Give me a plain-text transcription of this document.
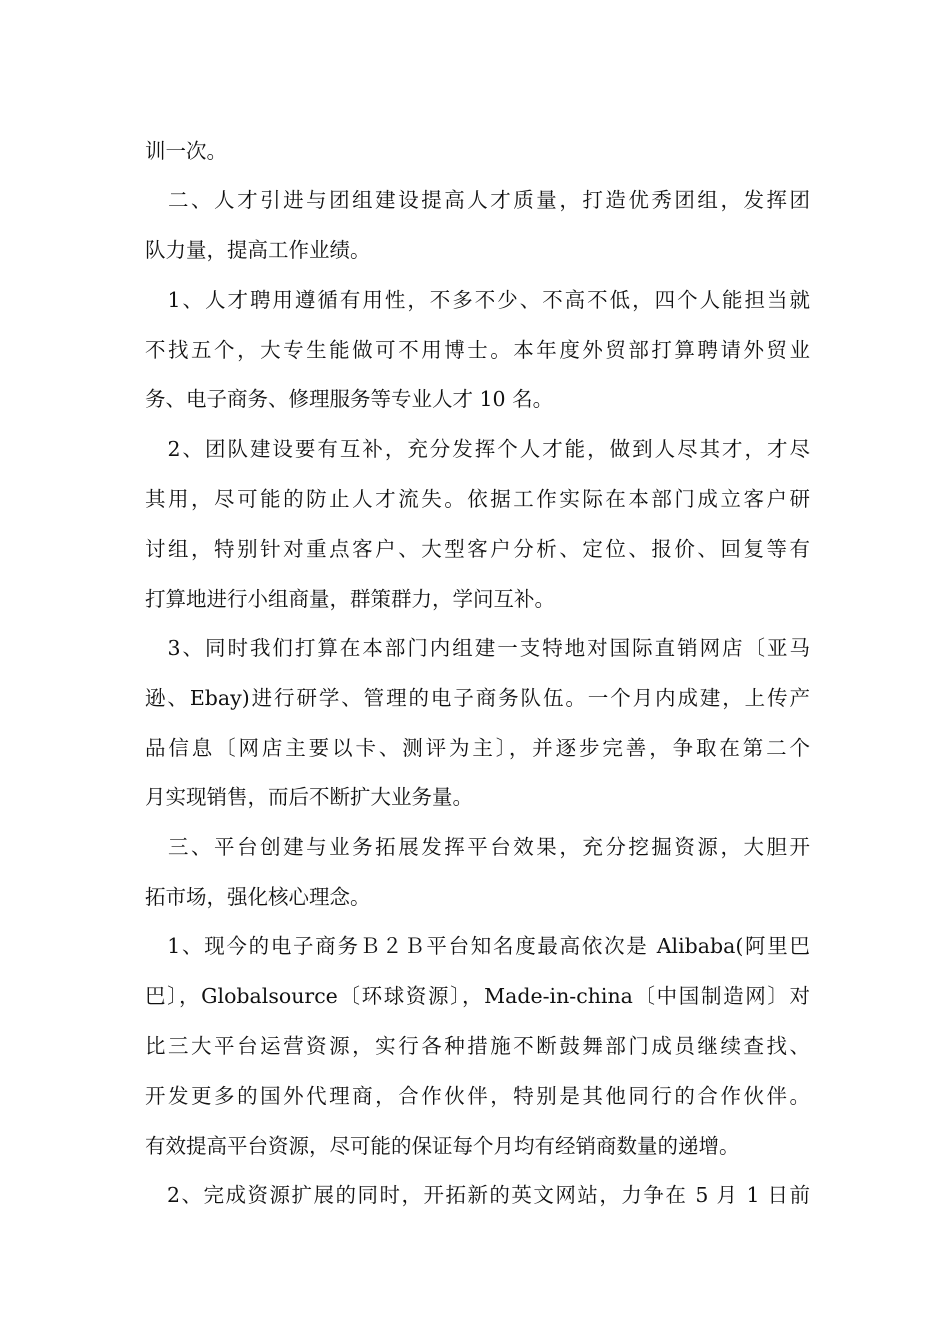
训一次。
　二、人才引进与团组建设提高人才质量，打造优秀团组，发挥团
队力量，提高工作业绩。
　1、人才聘用遵循有用性，不多不少、不高不低，四个人能担当就
不找五个，大专生能做可不用博士。本年度外贸部打算聘请外贸业
务、电子商务、修理服务等专业人才 10 名。
　2、团队建设要有互补，充分发挥个人才能，做到人尽其才，才尽
其用，尽可能的防止人才流失。依据工作实际在本部门成立客户研
讨组，特别针对重点客户、大型客户分析、定位、报价、回复等有
打算地进行小组商量，群策群力，学问互补。
　3、同时我们打算在本部门内组建一支特地对国际直销网店〔亚马
逊、Ebay)进行研学、管理的电子商务队伍。一个月内成建，上传产
品信息〔网店主要以卡、测评为主〕，并逐步完善，争取在第二个
月实现销售，而后不断扩大业务量。
　三、平台创建与业务拓展发挥平台效果，充分挖掘资源，大胆开
拓市场，强化核心理念。
　1、现今的电子商务Ｂ２Ｂ平台知名度最高依次是 Alibaba(阿里巴
巴〕，Globalsource〔环球资源〕，Made-in-china〔中国制造网〕对
比三大平台运营资源，实行各种措施不断鼓舞部门成员继续查找、
开发更多的国外代理商，合作伙伴，特别是其他同行的合作伙伴。
有效提高平台资源，尽可能的保证每个月均有经销商数量的递增。
　2、完成资源扩展的同时，开拓新的英文网站，力争在 5 月 1 日前
